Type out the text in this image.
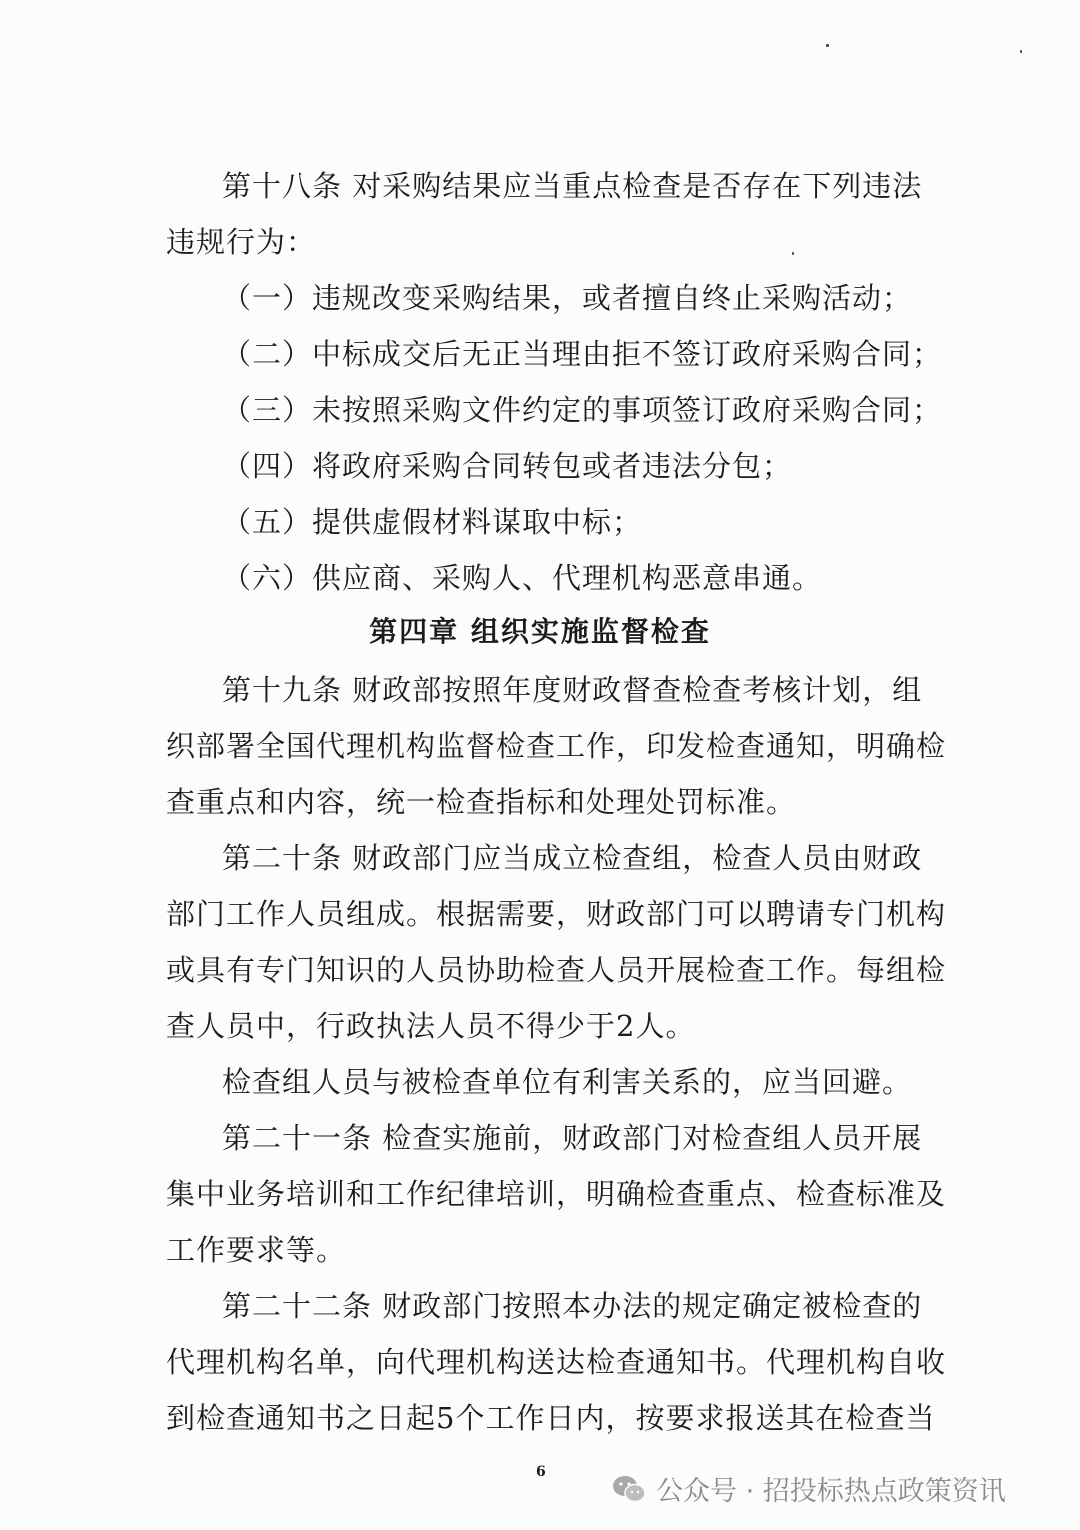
第十八条 对采购结果应当重点检查是否存在下列违法
违规行为：
（一）违规改变采购结果，或者擅自终止采购活动；
（二）中标成交后无正当理由拒不签订政府采购合同；
（三）未按照采购文件约定的事项签订政府采购合同；
（四）将政府采购合同转包或者违法分包；
（五）提供虚假材料谋取中标；
（六）供应商、采购人、代理机构恶意串通。
第四章 组织实施监督检查
第十九条 财政部按照年度财政督查检查考核计划，组
织部署全国代理机构监督检查工作，印发检查通知，明确检
查重点和内容，统一检查指标和处理处罚标准。
第二十条 财政部门应当成立检查组，检查人员由财政
部门工作人员组成。根据需要，财政部门可以聘请专门机构
或具有专门知识的人员协助检查人员开展检查工作。每组检
查人员中，行政执法人员不得少于2人。
检查组人员与被检查单位有利害关系的，应当回避。
第二十一条 检查实施前，财政部门对检查组人员开展
集中业务培训和工作纪律培训，明确检查重点、检查标准及
工作要求等。
第二十二条 财政部门按照本办法的规定确定被检查的
代理机构名单，向代理机构送达检查通知书。代理机构自收
到检查通知书之日起5个工作日内，按要求报送其在检查当
6
公众号 · 招投标热点政策资讯
